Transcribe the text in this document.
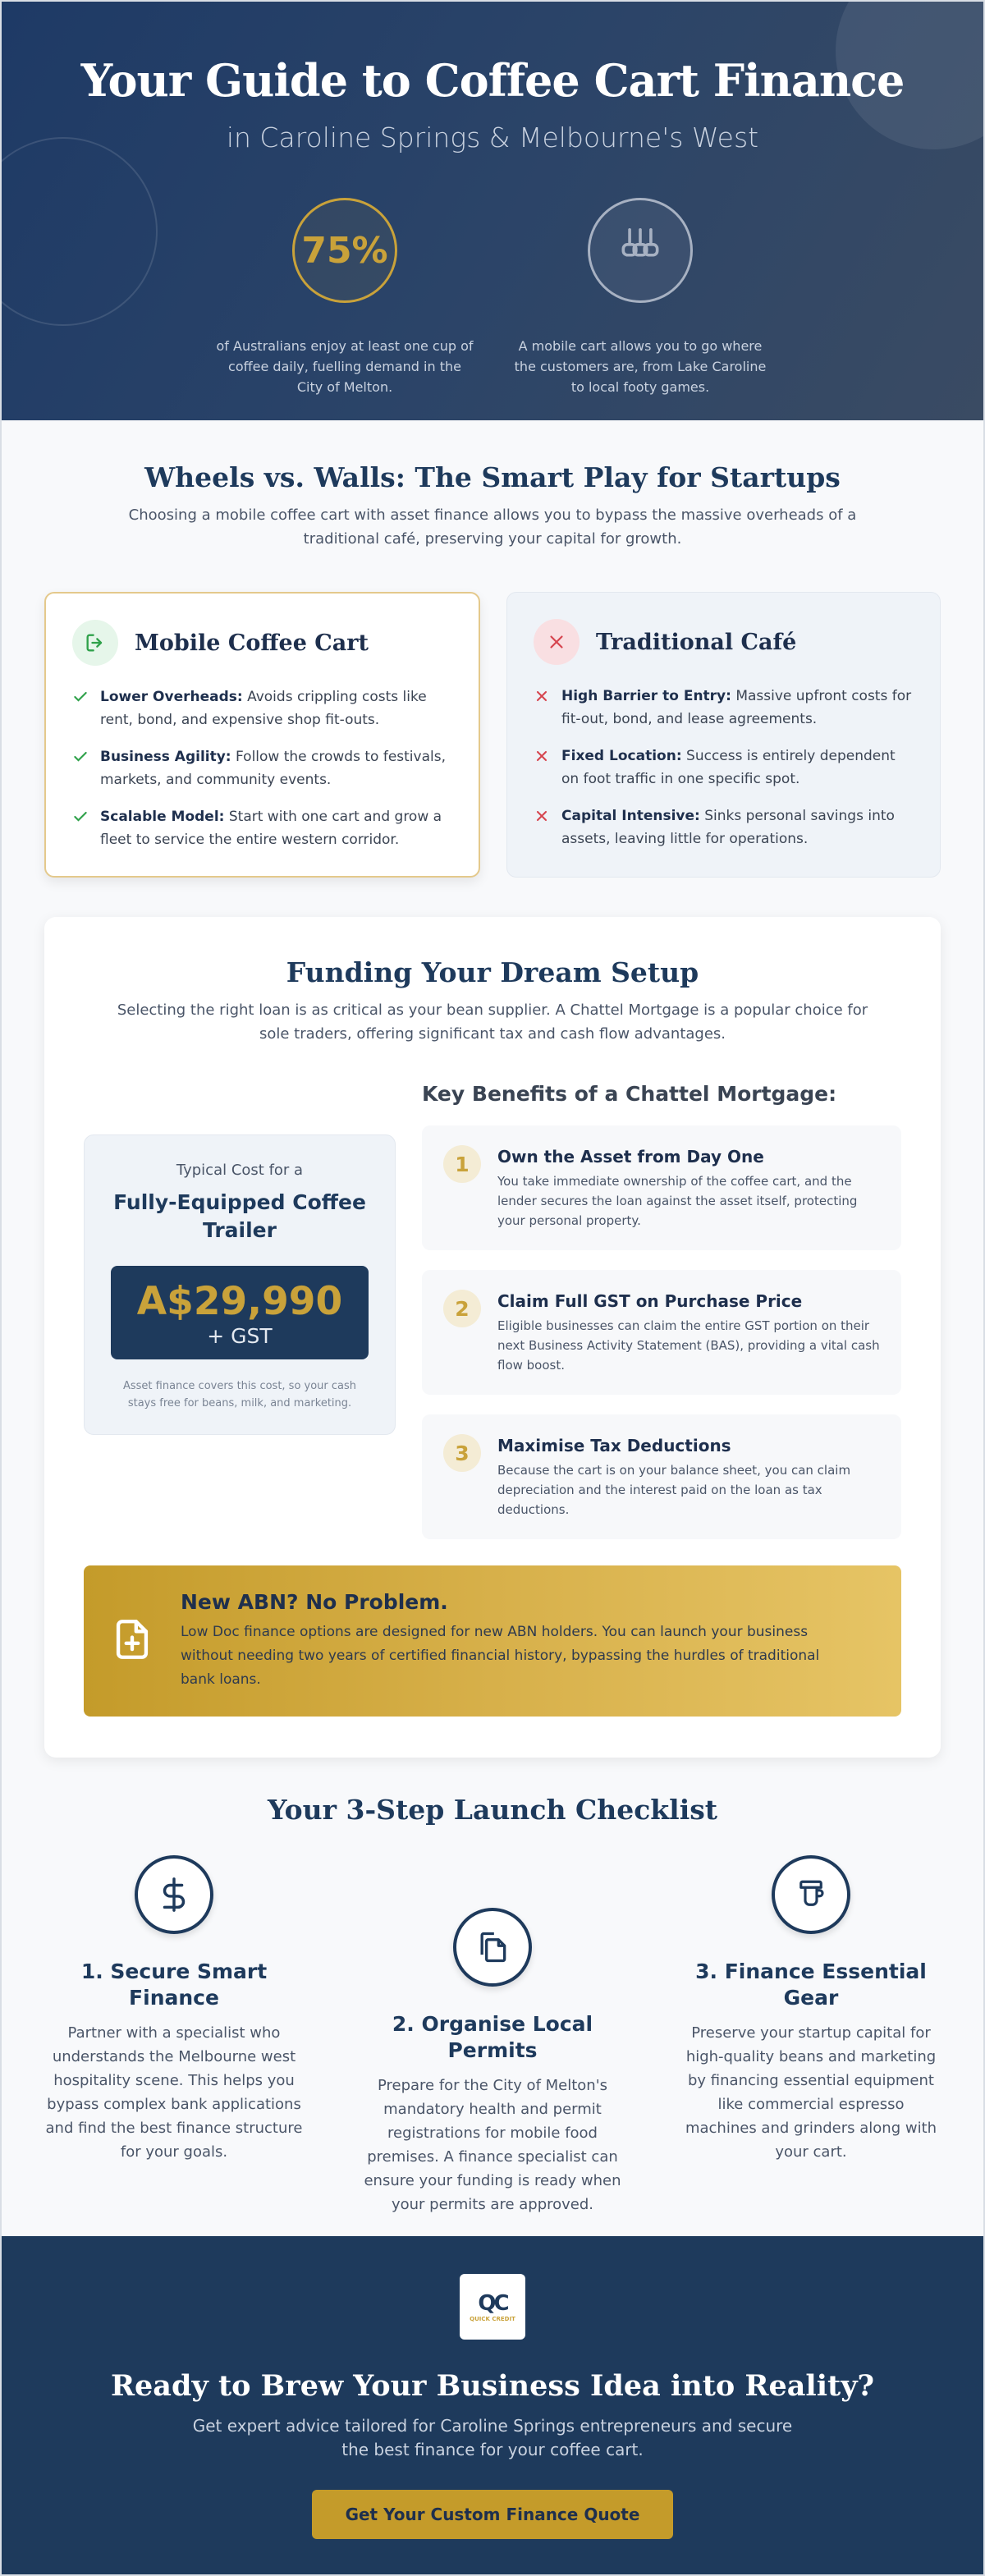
Your Guide to Coffee Cart Finance
in Caroline Springs & Melbourne's West
75%

of Australians enjoy at least one cup of coffee daily, fuelling demand in the City of Melton.

A mobile cart allows you to go where the customers are, from Lake Caroline to local footy games.

Wheels vs. Walls: The Smart Play for Startups

Choosing a mobile coffee cart with asset finance allows you to bypass the massive overheads of a traditional café, preserving your capital for growth.

Mobile Coffee Cart
Lower Overheads: Avoids crippling costs like rent, bond, and expensive shop fit-outs.
Business Agility: Follow the crowds to festivals, markets, and community events.
Scalable Model: Start with one cart and grow a fleet to service the entire western corridor.
Traditional Café
High Barrier to Entry: Massive upfront costs for fit-out, bond, and lease agreements.
Fixed Location: Success is entirely dependent on foot traffic in one specific spot.
Capital Intensive: Sinks personal savings into assets, leaving little for operations.
Funding Your Dream Setup

Selecting the right loan is as critical as your bean supplier. A Chattel Mortgage is a popular choice for sole traders, offering significant tax and cash flow advantages.

Typical Cost for a
Fully-Equipped Coffee Trailer
A$29,990
+ GST

Asset finance covers this cost, so your cash stays free for beans, milk, and marketing.

Key Benefits of a Chattel Mortgage:
1	Own the Asset from Day One

You take immediate ownership of the coffee cart, and the lender secures the loan against the asset itself, protecting your personal property.

2	Claim Full GST on Purchase Price

Eligible businesses can claim the entire GST portion on their next Business Activity Statement (BAS), providing a vital cash flow boost.

3	Maximise Tax Deductions

Because the cart is on your balance sheet, you can claim depreciation and the interest paid on the loan as tax deductions.

New ABN? No Problem.

Low Doc finance options are designed for new ABN holders. You can launch your business without needing two years of certified financial history, bypassing the hurdles of traditional bank loans.

Your 3-Step Launch Checklist
1. Secure Smart Finance

Partner with a specialist who understands the Melbourne west hospitality scene. This helps you bypass complex bank applications and find the best finance structure for your goals.

2. Organise Local Permits

Prepare for the City of Melton's mandatory health and permit registrations for mobile food premises. A finance specialist can ensure your funding is ready when your permits are approved.

3. Finance Essential Gear

Preserve your startup capital for high-quality beans and marketing by financing essential equipment like commercial espresso machines and grinders along with your cart.

QC
QUICK CREDIT
Ready to Brew Your Business Idea into Reality?

Get expert advice tailored for Caroline Springs entrepreneurs and secure the best finance for your coffee cart.

Get Your Custom Finance Quote
